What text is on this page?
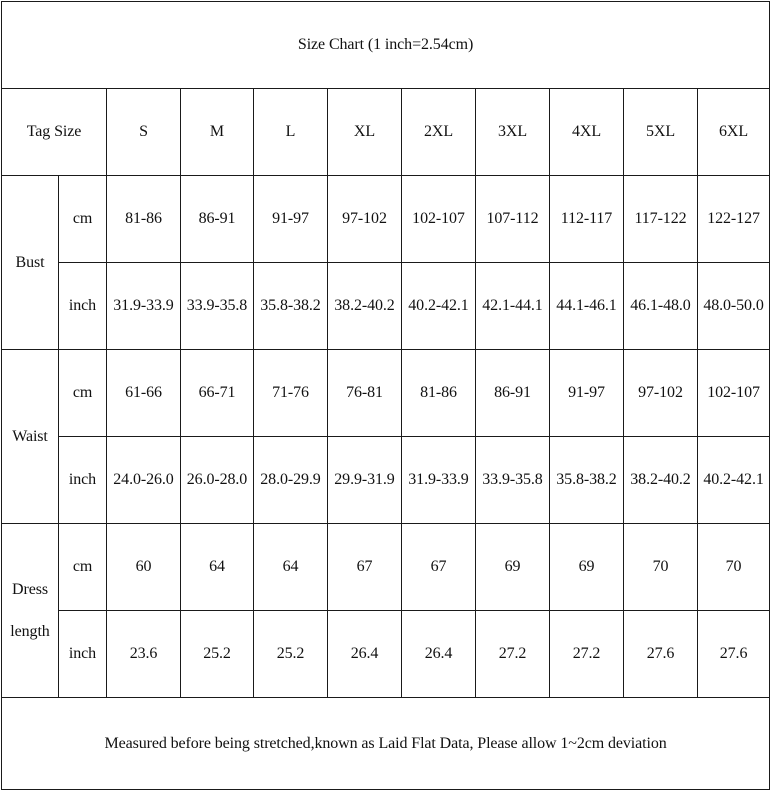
Size Chart (1 inch=2.54cm)										
Tag Size		S	M	L	XL	2XL	3XL	4XL	5XL	6XL
Bust	cm	81-86	86-91	91-97	97-102	102-107	107-112	112-117	117-122	122-127
	inch	31.9-33.9	33.9-35.8	35.8-38.2	38.2-40.2	40.2-42.1	42.1-44.1	44.1-46.1	46.1-48.0	48.0-50.0
Waist	cm	61-66	66-71	71-76	76-81	81-86	86-91	91-97	97-102	102-107
	inch	24.0-26.0	26.0-28.0	28.0-29.9	29.9-31.9	31.9-33.9	33.9-35.8	35.8-38.2	38.2-40.2	40.2-42.1

Dress
length	cm	60	64	64	67	67	69	69	70	70
	inch	23.6	25.2	25.2	26.4	26.4	27.2	27.2	27.6	27.6
Measured before being stretched,known as Laid Flat Data, Please allow 1~2cm deviation										
